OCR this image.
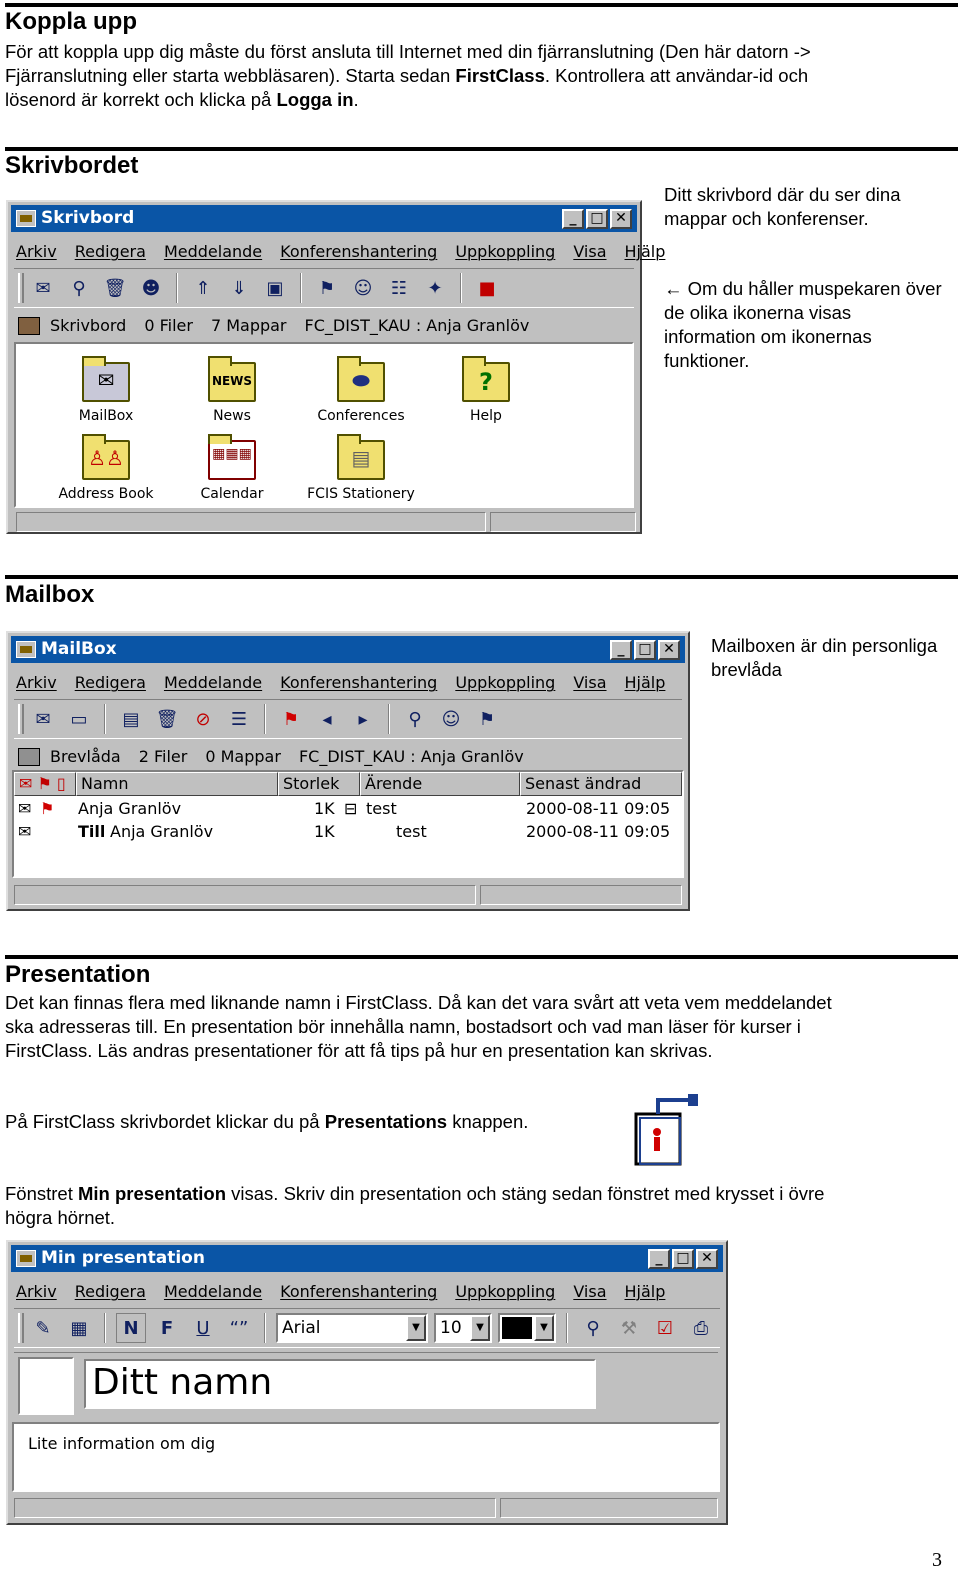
Koppla upp
För att koppla upp dig måste du först ansluta till Internet med din fjärranslutning (Den här datorn ->
Fjärranslutning eller starta webbläsaren). Starta sedan FirstClass. Kontrollera att användar-id och
lösenord är korrekt och klicka på Logga in.
Skrivbordet
Ditt skrivbord där du ser dina mappar och konferenser.
← Om du håller muspekaren över de olika ikonerna visas information om ikonernas funktioner.
Skrivbord	_ □ ✕
Arkiv Redigera Meddelande Konferenshantering Uppkoppling Visa Hjälp
✉	⚲ 🗑 ☻	⇑	⇓	▣	⚑	☺	☷	✦	■
Skrivbord 0 Filer 7 Mappar FC_DIST_KAU : Anja Granlöv
✉
MailBox
NEWS
News
⬬
Conferences
?
Help
♙♙
Address Book
▦▦▦
Calendar
▤
FCIS Stationery
Mailbox
Mailboxen är din personliga brevlåda
MailBox	_ □ ✕
Arkiv Redigera Meddelande Konferenshantering Uppkoppling Visa Hjälp
✉	▭	▤ 🗑 ⊘	☰	⚑	◂	▸	⚲	☺	⚑
Brevlåda 2 Filer 0 Mappar FC_DIST_KAU : Anja Granlöv
✉ ⚑ ▯ Namn	Storlek	Ärende	Senast ändrad
✉ ⚑ Anja Granlöv	1K ⊟ test	2000-08-11 09:05
✉	Till Anja Granlöv	1K	test	2000-08-11 09:05
Presentation
Det kan finnas flera med liknande namn i FirstClass. Då kan det vara svårt att veta vem meddelandet
ska adresseras till. En presentation bör innehålla namn, bostadsort och vad man läser för kurser i
FirstClass. Läs andras presentationer för att få tips på hur en presentation kan skrivas.
På FirstClass skrivbordet klickar du på Presentations knappen.
Fönstret Min presentation visas. Skriv din presentation och stäng sedan fönstret med krysset i övre
högra hörnet.
Min presentation	_ □ ✕
Arkiv Redigera Meddelande Konferenshantering Uppkoppling Visa Hjälp
✎	▦	N	F	U	“”	Arial	▼	10	▼	▼	⚲	⚒	☑	⎙
Ditt namn
Lite information om dig
3
